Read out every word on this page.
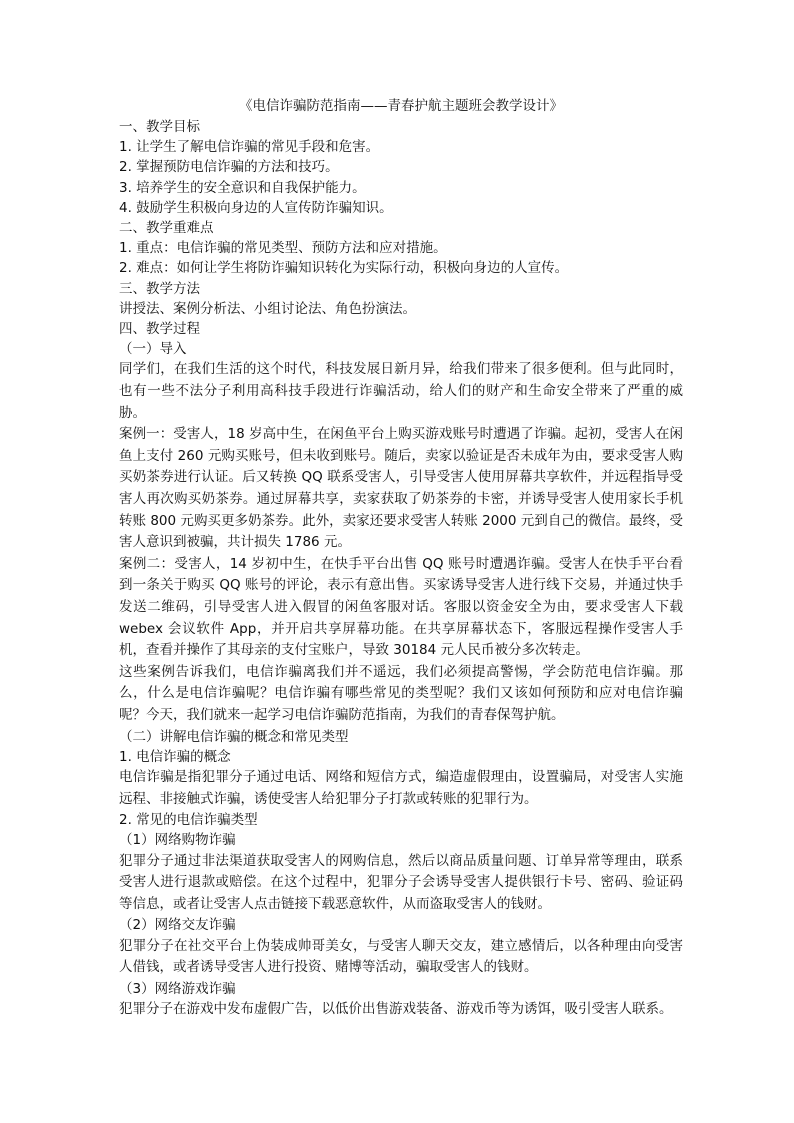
《电信诈骗防范指南——青春护航主题班会教学设计》

一、教学目标

1. 让学生了解电信诈骗的常见手段和危害。

2. 掌握预防电信诈骗的方法和技巧。

3. 培养学生的安全意识和自我保护能力。

4. 鼓励学生积极向身边的人宣传防诈骗知识。

二、教学重难点

1. 重点：电信诈骗的常见类型、预防方法和应对措施。

2. 难点：如何让学生将防诈骗知识转化为实际行动，积极向身边的人宣传。

三、教学方法

讲授法、案例分析法、小组讨论法、角色扮演法。

四、教学过程

（一）导入

同学们，在我们生活的这个时代，科技发展日新月异，给我们带来了很多便利。但与此同时，也有一些不法分子利用高科技手段进行诈骗活动，给人们的财产和生命安全带来了严重的威胁。

案例一：受害人，18 岁高中生，在闲鱼平台上购买游戏账号时遭遇了诈骗。起初，受害人在闲鱼上支付 260 元购买账号，但未收到账号。随后，卖家以验证是否未成年为由，要求受害人购买奶茶券进行认证。后又转换 QQ 联系受害人，引导受害人使用屏幕共享软件，并远程指导受害人再次购买奶茶券。通过屏幕共享，卖家获取了奶茶券的卡密，并诱导受害人使用家长手机转账 800 元购买更多奶茶券。此外，卖家还要求受害人转账 2000 元到自己的微信。最终，受害人意识到被骗，共计损失 1786 元。

案例二：受害人，14 岁初中生，在快手平台出售 QQ 账号时遭遇诈骗。受害人在快手平台看到一条关于购买 QQ 账号的评论，表示有意出售。买家诱导受害人进行线下交易，并通过快手发送二维码，引导受害人进入假冒的闲鱼客服对话。客服以资金安全为由，要求受害人下载 webex 会议软件 App，并开启共享屏幕功能。在共享屏幕状态下，客服远程操作受害人手机，查看并操作了其母亲的支付宝账户，导致 30184 元人民币被分多次转走。

这些案例告诉我们，电信诈骗离我们并不遥远，我们必须提高警惕，学会防范电信诈骗。那么，什么是电信诈骗呢？电信诈骗有哪些常见的类型呢？我们又该如何预防和应对电信诈骗呢？今天，我们就来一起学习电信诈骗防范指南，为我们的青春保驾护航。

（二）讲解电信诈骗的概念和常见类型

1. 电信诈骗的概念

电信诈骗是指犯罪分子通过电话、网络和短信方式，编造虚假理由，设置骗局，对受害人实施远程、非接触式诈骗，诱使受害人给犯罪分子打款或转账的犯罪行为。

2. 常见的电信诈骗类型

（1）网络购物诈骗

犯罪分子通过非法渠道获取受害人的网购信息，然后以商品质量问题、订单异常等理由，联系受害人进行退款或赔偿。在这个过程中，犯罪分子会诱导受害人提供银行卡号、密码、验证码等信息，或者让受害人点击链接下载恶意软件，从而盗取受害人的钱财。

（2）网络交友诈骗

犯罪分子在社交平台上伪装成帅哥美女，与受害人聊天交友，建立感情后，以各种理由向受害人借钱，或者诱导受害人进行投资、赌博等活动，骗取受害人的钱财。

（3）网络游戏诈骗

犯罪分子在游戏中发布虚假广告，以低价出售游戏装备、游戏币等为诱饵，吸引受害人联系。
